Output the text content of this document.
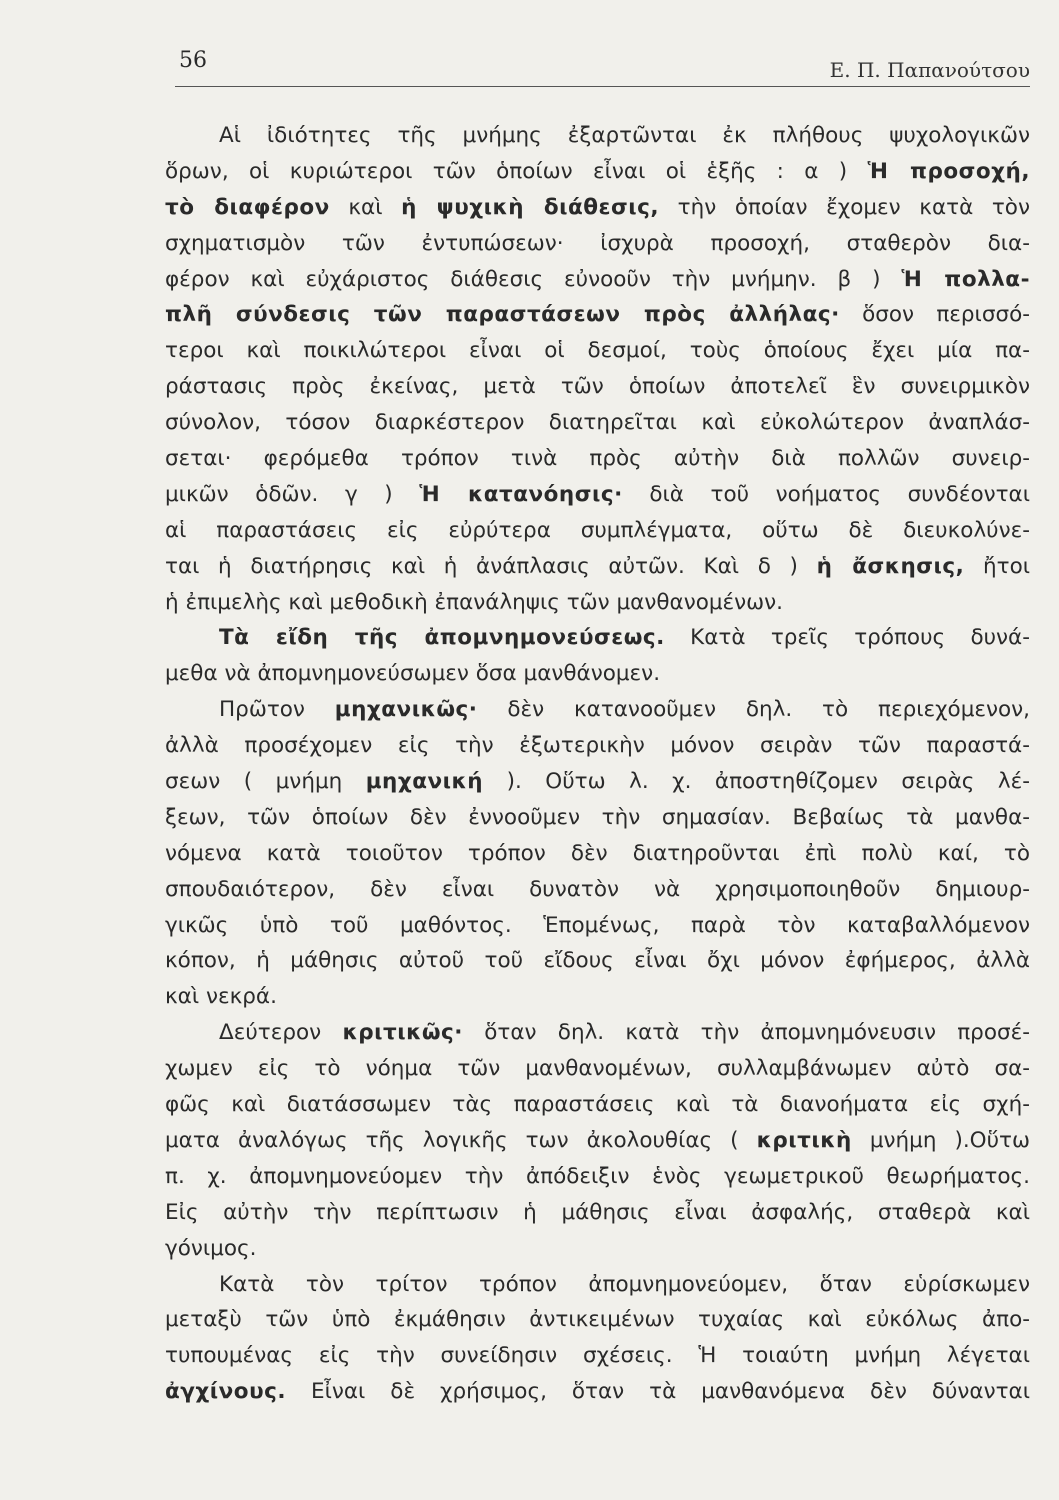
56	Ε. Π. Παπανούτσου
Αἱ ἰδιότητες τῆς μνήμης ἐξαρτῶνται ἐκ πλήθους ψυχολογικῶν
ὅρων, οἱ κυριώτεροι τῶν ὁποίων εἶναι οἱ ἑξῆς : α ) Ἡ προσοχή,
τὸ διαφέρον καὶ ἡ ψυχικὴ διάθεσις, τὴν ὁποίαν ἔχομεν κατὰ τὸν
σχηματισμὸν τῶν ἐντυπώσεων· ἰσχυρὰ προσοχή, σταθερὸν δια-
φέρον καὶ εὐχάριστος διάθεσις εὐνοοῦν τὴν μνήμην. β ) Ἡ πολλα-
πλῆ σύνδεσις τῶν παραστάσεων πρὸς ἀλλήλας· ὅσον περισσό-
τεροι καὶ ποικιλώτεροι εἶναι οἱ δεσμοί, τοὺς ὁποίους ἔχει μία πα-
ράστασις πρὸς ἐκείνας, μετὰ τῶν ὁποίων ἀποτελεῖ ἓν συνειρμικὸν
σύνολον, τόσον διαρκέστερον διατηρεῖται καὶ εὐκολώτερον ἀναπλάσ-
σεται· φερόμεθα τρόπον τινὰ πρὸς αὐτὴν διὰ πολλῶν συνειρ-
μικῶν ὁδῶν. γ ) Ἡ κατανόησις· διὰ τοῦ νοήματος συνδέονται
αἱ παραστάσεις εἰς εὐρύτερα συμπλέγματα, οὕτω δὲ διευκολύνε-
ται ἡ διατήρησις καὶ ἡ ἀνάπλασις αὐτῶν. Καὶ δ ) ἡ ἄσκησις, ἤτοι
ἡ ἐπιμελὴς καὶ μεθοδικὴ ἐπανάληψις τῶν μανθανομένων.
Τὰ εἴδη τῆς ἀπομνημονεύσεως. Κατὰ τρεῖς τρόπους δυνά-
μεθα νὰ ἀπομνημονεύσωμεν ὅσα μανθάνομεν.
Πρῶτον μηχανικῶς· δὲν κατανοοῦμεν δηλ. τὸ περιεχόμενον,
ἀλλὰ προσέχομεν εἰς τὴν ἐξωτερικὴν μόνον σειρὰν τῶν παραστά-
σεων ( μνήμη μηχανική ). Οὕτω λ. χ. ἀποστηθίζομεν σειρὰς λέ-
ξεων, τῶν ὁποίων δὲν ἐννοοῦμεν τὴν σημασίαν. Βεβαίως τὰ μανθα-
νόμενα κατὰ τοιοῦτον τρόπον δὲν διατηροῦνται ἐπὶ πολὺ καί, τὸ
σπουδαιότερον, δὲν εἶναι δυνατὸν νὰ χρησιμοποιηθοῦν δημιουρ-
γικῶς ὑπὸ τοῦ μαθόντος. Ἑπομένως, παρὰ τὸν καταβαλλόμενον
κόπον, ἡ μάθησις αὐτοῦ τοῦ εἴδους εἶναι ὄχι μόνον ἐφήμερος, ἀλλὰ
καὶ νεκρά.
Δεύτερον κριτικῶς· ὅταν δηλ. κατὰ τὴν ἀπομνημόνευσιν προσέ-
χωμεν εἰς τὸ νόημα τῶν μανθανομένων, συλλαμβάνωμεν αὐτὸ σα-
φῶς καὶ διατάσσωμεν τὰς παραστάσεις καὶ τὰ διανοήματα εἰς σχή-
ματα ἀναλόγως τῆς λογικῆς των ἀκολουθίας ( κριτικὴ μνήμη ).Οὕτω
π. χ. ἀπομνημονεύομεν τὴν ἀπόδειξιν ἑνὸς γεωμετρικοῦ θεωρήματος.
Εἰς αὐτὴν τὴν περίπτωσιν ἡ μάθησις εἶναι ἀσφαλής, σταθερὰ καὶ
γόνιμος.
Κατὰ τὸν τρίτον τρόπον ἀπομνημονεύομεν, ὅταν εὑρίσκωμεν
μεταξὺ τῶν ὑπὸ ἐκμάθησιν ἀντικειμένων τυχαίας καὶ εὐκόλως ἀπο-
τυπουμένας εἰς τὴν συνείδησιν σχέσεις. Ἡ τοιαύτη μνήμη λέγεται
ἀγχίνους. Εἶναι δὲ χρήσιμος, ὅταν τὰ μανθανόμενα δὲν δύνανται
